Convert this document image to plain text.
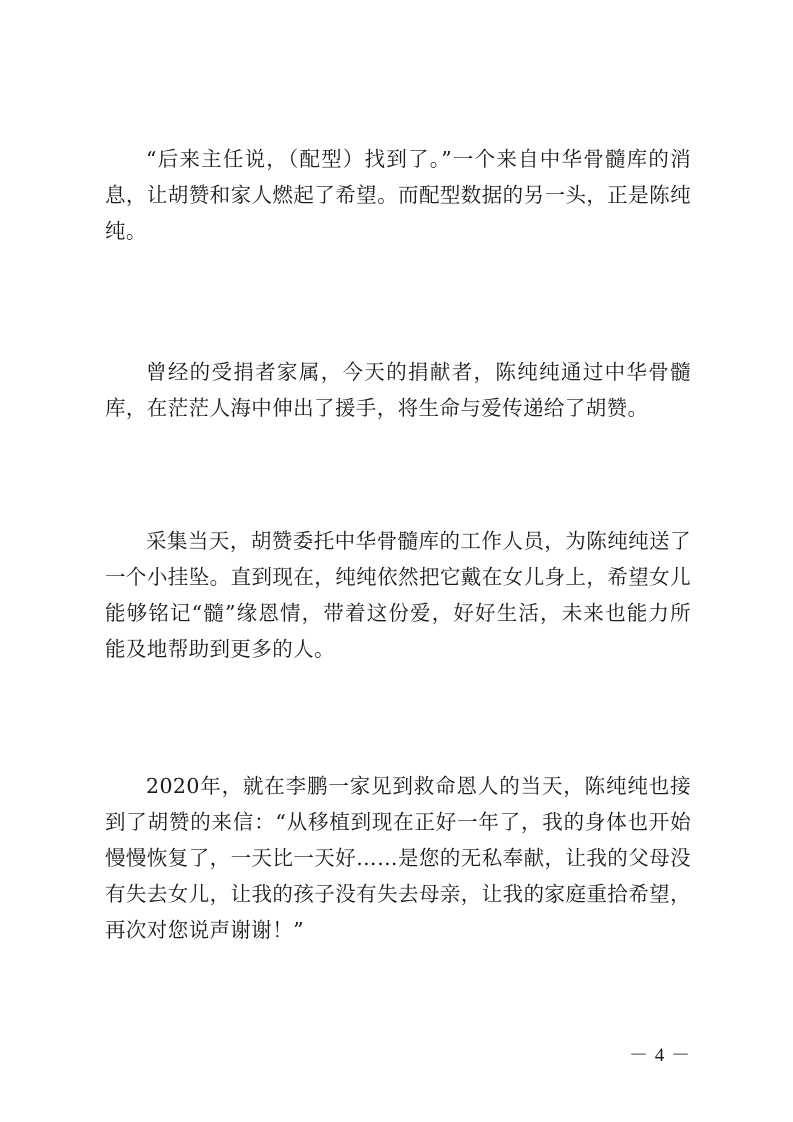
“后来主任说，（配型）找到了。”一个来自中华骨髓库的消息，让胡赞和家人燃起了希望。而配型数据的另一头，正是陈纯纯。

曾经的受捐者家属，今天的捐献者，陈纯纯通过中华骨髓库，在茫茫人海中伸出了援手，将生命与爱传递给了胡赞。

采集当天，胡赞委托中华骨髓库的工作人员，为陈纯纯送了一个小挂坠。直到现在，纯纯依然把它戴在女儿身上，希望女儿能够铭记“髓”缘恩情，带着这份爱，好好生活，未来也能力所能及地帮助到更多的人。

2020年，就在李鹏一家见到救命恩人的当天，陈纯纯也接到了胡赞的来信：“从移植到现在正好一年了，我的身体也开始慢慢恢复了，一天比一天好……是您的无私奉献，让我的父母没有失去女儿，让我的孩子没有失去母亲，让我的家庭重拾希望，再次对您说声谢谢！”

－ 4 －
